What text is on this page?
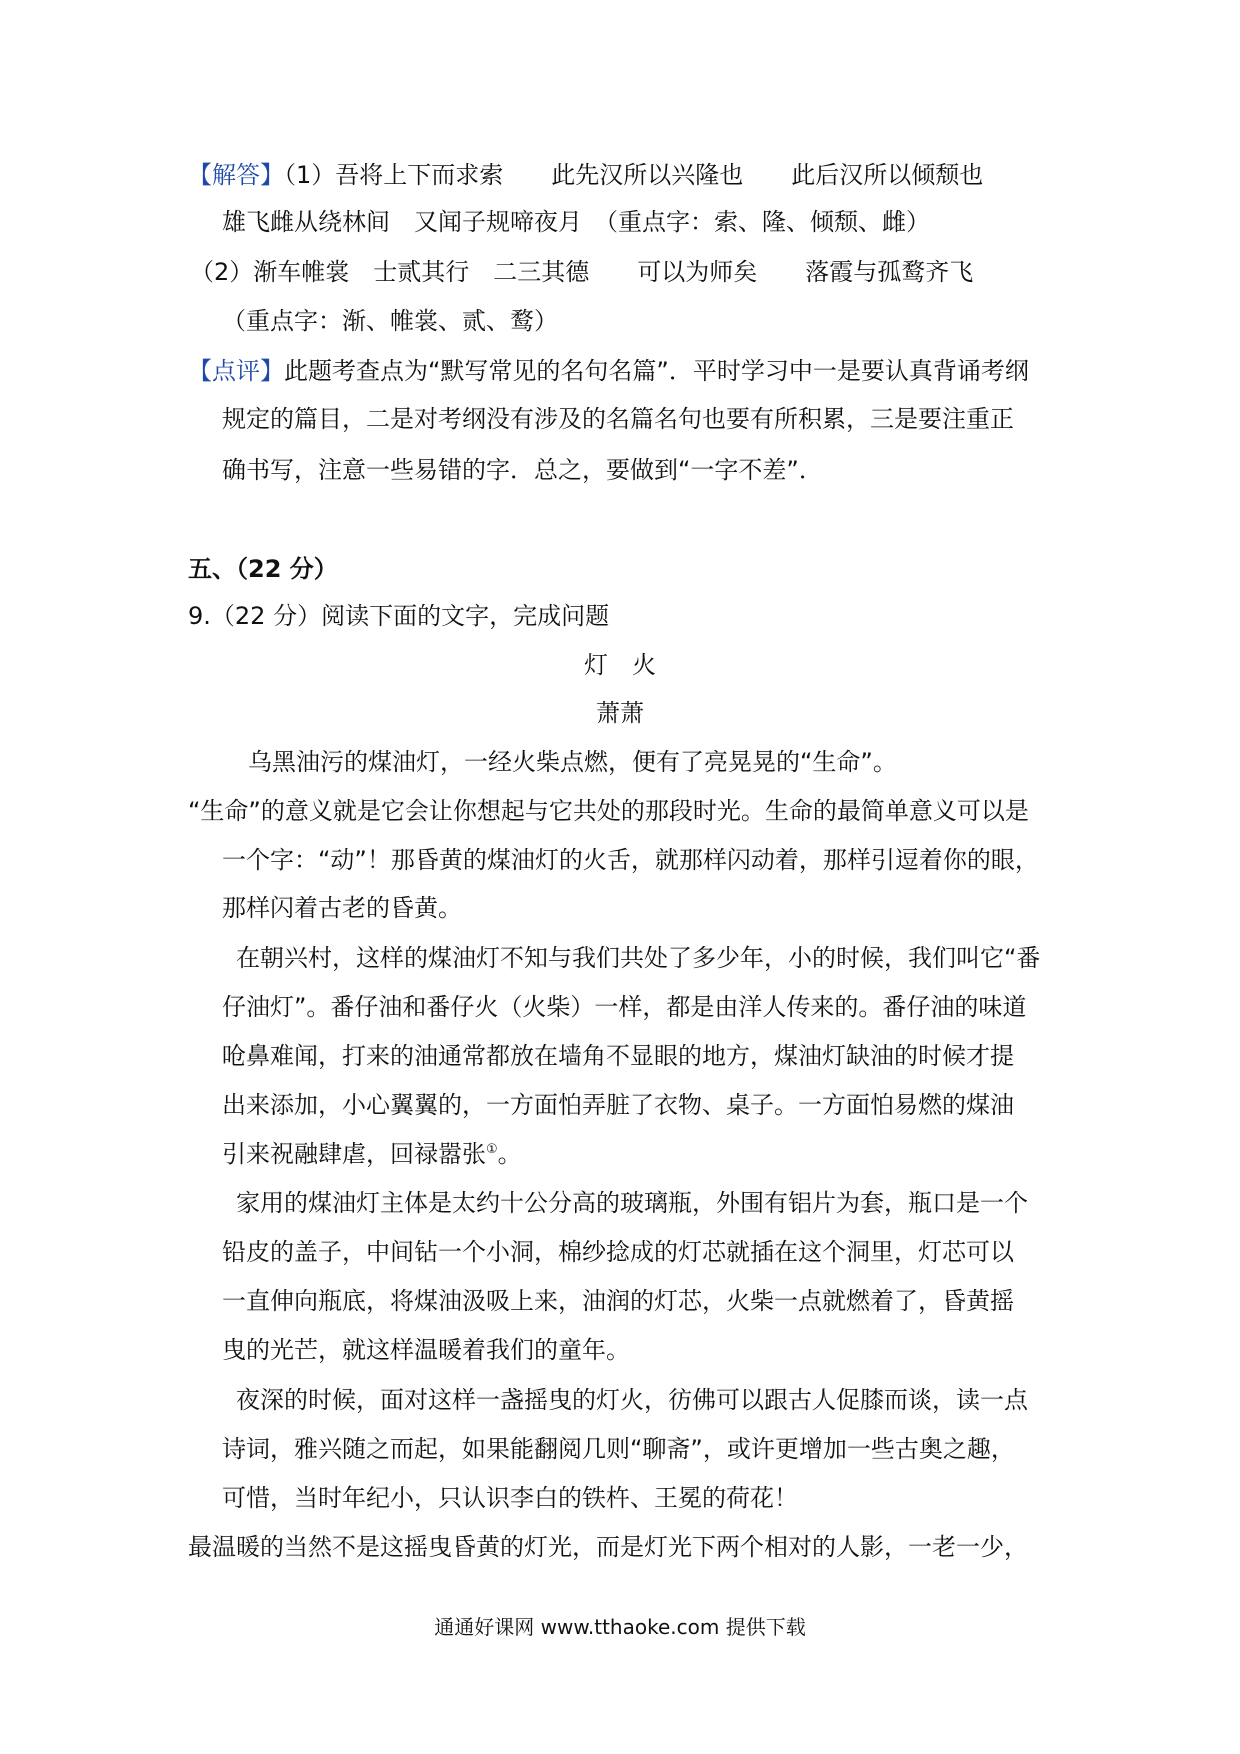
【解答】（1）吾将上下而求索　　此先汉所以兴隆也　　此后汉所以倾颓也
雄飞雌从绕林间　又闻子规啼夜月　（重点字：索、隆、倾颓、雌）
（2）渐车帷裳　士贰其行　二三其德　　可以为师矣　　落霞与孤鹜齐飞
（重点字：渐、帷裳、贰、鹜）
【点评】此题考查点为“默写常见的名句名篇”．平时学习中一是要认真背诵考纲
规定的篇目，二是对考纲没有涉及的名篇名句也要有所积累，三是要注重正
确书写，注意一些易错的字．总之，要做到“一字不差”．
五、（22 分）
9.（22 分）阅读下面的文字，完成问题
灯　火
萧萧
乌黑油污的煤油灯，一经火柴点燃，便有了亮晃晃的“生命”。
“生命”的意义就是它会让你想起与它共处的那段时光。生命的最简单意义可以是
一个字：“动”！那昏黄的煤油灯的火舌，就那样闪动着，那样引逗着你的眼，
那样闪着古老的昏黄。
在朝兴村，这样的煤油灯不知与我们共处了多少年，小的时候，我们叫它“番
仔油灯”。番仔油和番仔火（火柴）一样，都是由洋人传来的。番仔油的味道
呛鼻难闻，打来的油通常都放在墙角不显眼的地方，煤油灯缺油的时候才提
出来添加，小心翼翼的，一方面怕弄脏了衣物、桌子。一方面怕易燃的煤油
引来祝融肆虐，回禄嚣张①。
家用的煤油灯主体是太约十公分高的玻璃瓶，外围有铝片为套，瓶口是一个
铅皮的盖子，中间钻一个小洞，棉纱捻成的灯芯就插在这个洞里，灯芯可以
一直伸向瓶底，将煤油汲吸上来，油润的灯芯，火柴一点就燃着了，昏黄摇
曳的光芒，就这样温暖着我们的童年。
夜深的时候，面对这样一盏摇曳的灯火，彷佛可以跟古人促膝而谈，读一点
诗词，雅兴随之而起，如果能翻阅几则“聊斋”，或许更增加一些古奥之趣，
可惜，当时年纪小，只认识李白的铁杵、王冕的荷花！
最温暖的当然不是这摇曳昏黄的灯光，而是灯光下两个相对的人影，一老一少，
通通好课网 www.tthaoke.com 提供下载
